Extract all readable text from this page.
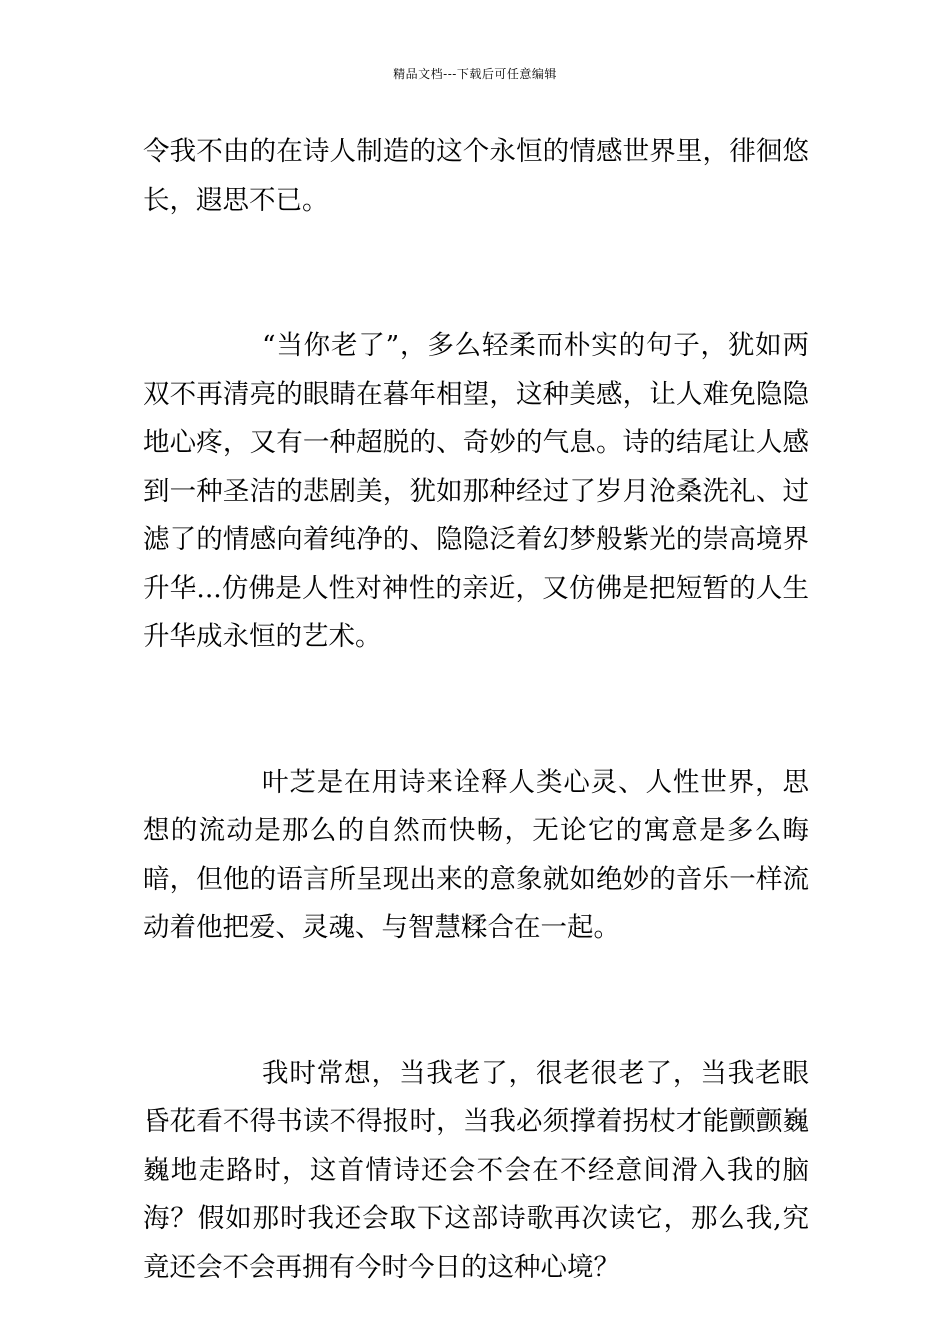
精品文档---下载后可任意编辑

令我不由的在诗人制造的这个永恒的情感世界里，徘徊悠长，遐思不已。

“当你老了”，多么轻柔而朴实的句子，犹如两双不再清亮的眼睛在暮年相望，这种美感，让人难免隐隐地心疼，又有一种超脱的、奇妙的气息。诗的结尾让人感到一种圣洁的悲剧美，犹如那种经过了岁月沧桑洗礼、过滤了的情感向着纯净的、隐隐泛着幻梦般紫光的崇高境界升华...仿佛是人性对神性的亲近，又仿佛是把短暂的人生升华成永恒的艺术。

叶芝是在用诗来诠释人类心灵、人性世界，思想的流动是那么的自然而快畅，无论它的寓意是多么晦暗，但他的语言所呈现出来的意象就如绝妙的音乐一样流动着他把爱、灵魂、与智慧糅合在一起。

我时常想，当我老了，很老很老了，当我老眼昏花看不得书读不得报时，当我必须撑着拐杖才能颤颤巍巍地走路时，这首情诗还会不会在不经意间滑入我的脑海？假如那时我还会取下这部诗歌再次读它，那么我,究竟还会不会再拥有今时今日的这种心境？
